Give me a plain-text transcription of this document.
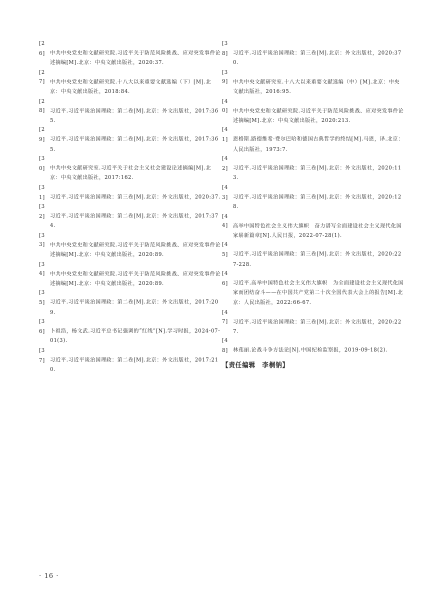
[26] 中共中央党史和文献研究院.习近平关于防范风险挑战、应对突发事件论述摘编[M].北京：中央文献出版社，2020:37.
[27] 中共中央党史和文献研究院.十八大以来重要文献选编（下）[M].北京：中央文献出版社，2018:84.
[28] 习近平.习近平谈治国理政：第二卷[M].北京：外文出版社，2017:365.
[29] 习近平.习近平谈治国理政：第二卷[M].北京：外文出版社，2017:365.
[30] 中共中央文献研究室.习近平关于社会主义社会建设论述摘编[M].北京：中央文献出版社，2017:162.
[31] 习近平.习近平谈治国理政：第三卷[M].北京：外文出版社，2020:37.
[32] 习近平.习近平谈治国理政：第二卷[M].北京：外文出版社，2017:374.
[33] 中共中央党史和文献研究院.习近平关于防范风险挑战、应对突发事件论述摘编[M].北京：中央文献出版社，2020:89.
[34] 中共中央党史和文献研究院.习近平关于防范风险挑战、应对突发事件论述摘编[M].北京：中央文献出版社，2020:89.
[35] 习近平.习近平谈治国理政：第二卷[M].北京：外文出版社，2017:209.
[36] 卜祖浩，杨文武.习近平总书记强调的“红线”[N].学习时报，2024-07-01(3).
[37] 习近平.习近平谈治国理政：第二卷[M].北京：外文出版社，2017:210.
[38] 习近平.习近平谈治国理政：第三卷[M].北京：外文出版社，2020:370.
[39] 中共中央文献研究室.十八大以来重要文献选编（中）[M].北京：中央文献出版社，2016:95.
[40] 中共中央党史和文献研究院.习近平关于防范风险挑战、应对突发事件论述摘编[M].北京：中央文献出版社，2020:213.
[41] 恩格斯.路德维希·费尔巴哈和德国古典哲学的终结[M].马恩，译.北京：人民出版社，1973:7.
[42] 习近平.习近平谈治国理政：第三卷[M].北京：外文出版社，2020:113.
[43] 习近平.习近平谈治国理政：第三卷[M].北京：外文出版社，2020:128.
[44] 高举中国特色社会主义伟大旗帜　奋力谱写全面建设社会主义现代化国家崭新篇章[N].人民日报，2022-07-28(1).
[45] 习近平.习近平谈治国理政：第三卷[M].北京：外文出版社，2020:227-228.
[46] 习近平.高举中国特色社会主义伟大旗帜　为全面建设社会主义现代化国家而团结奋斗——在中国共产党第二十次全国代表大会上的报告[M].北京：人民出版社，2022:66-67.
[47] 习近平.习近平谈治国理政：第三卷[M].北京：外文出版社，2020:227.
[48] 林莲丽.论战斗争方法论[N].中国纪检监察报，2019-09-18(2).
【责任编辑　李桐钠】
· 16 ·
